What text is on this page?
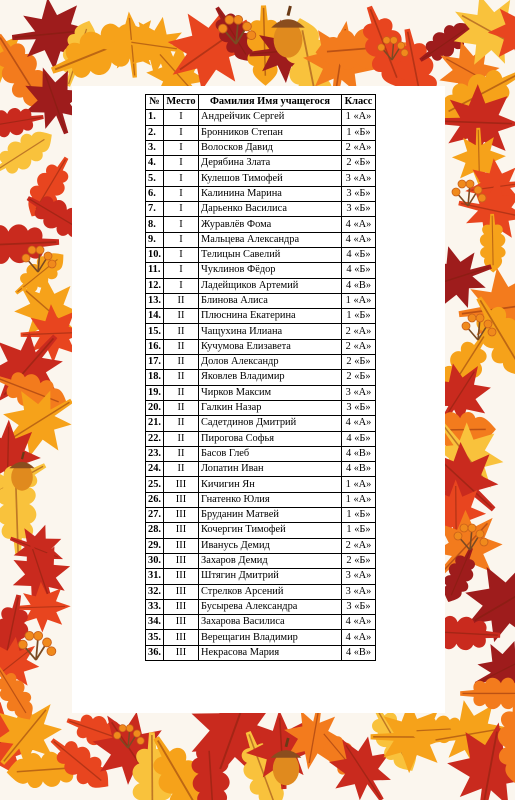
№	Место	Фамилия Имя учащегося	Класс
1.	I	Андрейчик Сергей	1 «А»
2.	I	Бронников Степан	1 «Б»
3.	I	Волосков Давид	2 «А»
4.	I	Дерябина Злата	2 «Б»
5.	I	Кулешов Тимофей	3 «А»
6.	I	Калинина Марина	3 «Б»
7.	I	Дарьенко Василиса	3 «Б»
8.	I	Журавлёв Фома	4 «А»
9.	I	Мальцева Александра	4 «А»
10.	I	Телицын Савелий	4 «Б»
11.	I	Чуклинов Фёдор	4 «Б»
12.	I	Ладейщиков Артемий	4 «В»
13.	II	Блинова Алиса	1 «А»
14.	II	Плюснина Екатерина	1 «Б»
15.	II	Чащухина Илиана	2 «А»
16.	II	Кучумова Елизавета	2 «А»
17.	II	Долов Александр	2 «Б»
18.	II	Яковлев Владимир	2 «Б»
19.	II	Чирков Максим	3 «А»
20.	II	Галкин Назар	3 «Б»
21.	II	Садетдинов Дмитрий	4 «А»
22.	II	Пирогова Софья	4 «Б»
23.	II	Басов Глеб	4 «В»
24.	II	Лопатин Иван	4 «В»
25.	III	Кичигин Ян	1 «А»
26.	III	Гнатенко Юлия	1 «А»
27.	III	Бруданин Матвей	1 «Б»
28.	III	Кочергин Тимофей	1 «Б»
29.	III	Иванусь Демид	2 «А»
30.	III	Захаров Демид	2 «Б»
31.	III	Штягин Дмитрий	3 «А»
32.	III	Стрелков Арсений	3 «А»
33.	III	Бусырева Александра	3 «Б»
34.	III	Захарова Василиса	4 «А»
35.	III	Верещагин Владимир	4 «А»
36.	III	Некрасова Мария	4 «В»
